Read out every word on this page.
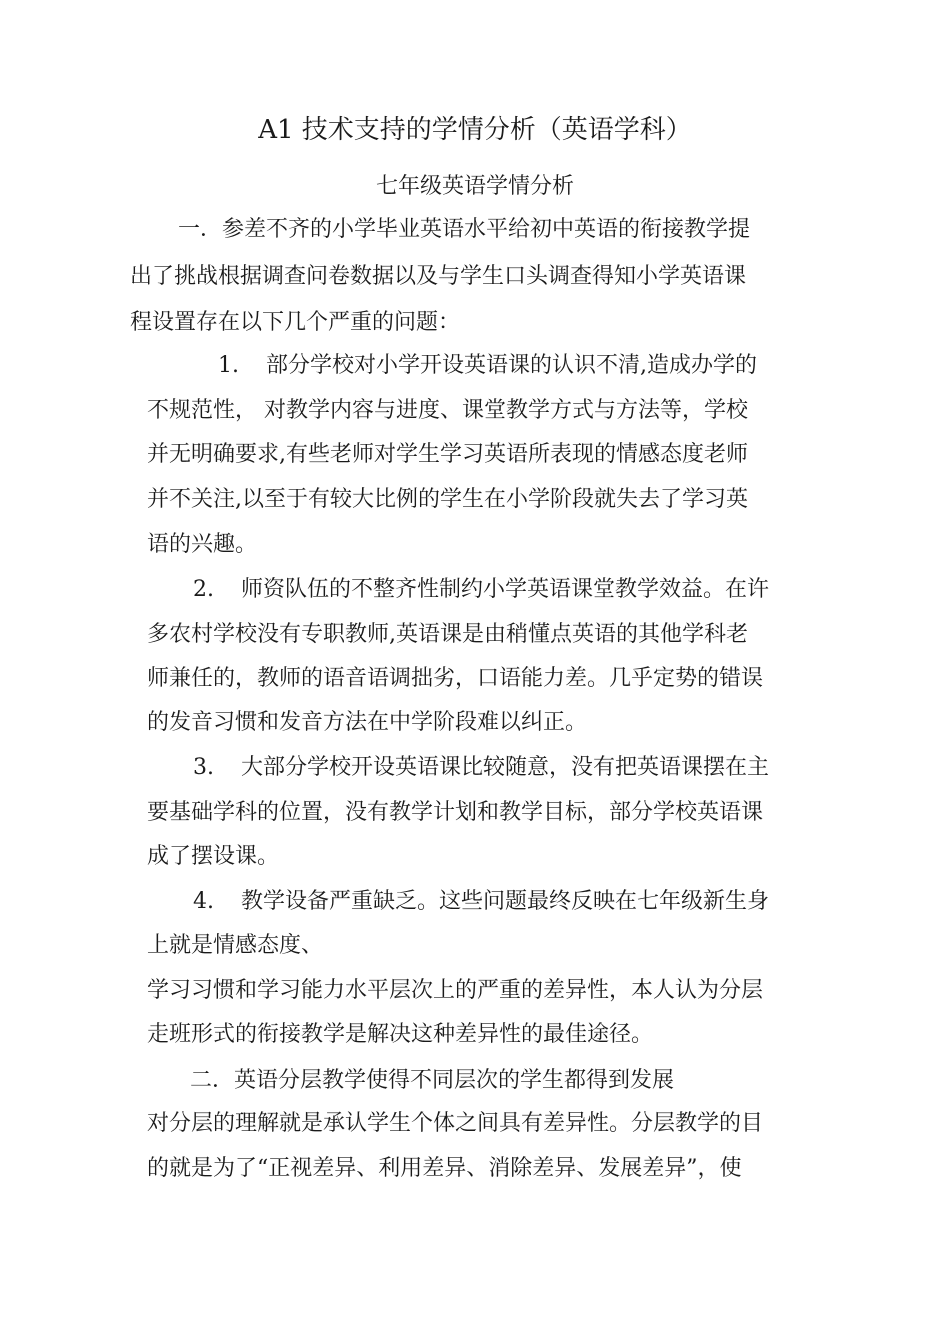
A1 技术支持的学情分析（英语学科）
七年级英语学情分析
一．参差不齐的小学毕业英语水平给初中英语的衔接教学提
出了挑战根据调查问卷数据以及与学生口头调查得知小学英语课
程设置存在以下几个严重的问题：
1. 部分学校对小学开设英语课的认识不清,造成办学的
不规范性， 对教学内容与进度、课堂教学方式与方法等，学校
并无明确要求,有些老师对学生学习英语所表现的情感态度老师
并不关注,以至于有较大比例的学生在小学阶段就失去了学习英
语的兴趣。
2. 师资队伍的不整齐性制约小学英语课堂教学效益。在许
多农村学校没有专职教师,英语课是由稍懂点英语的其他学科老
师兼任的，教师的语音语调拙劣，口语能力差。几乎定势的错误
的发音习惯和发音方法在中学阶段难以纠正。
3. 大部分学校开设英语课比较随意，没有把英语课摆在主
要基础学科的位置，没有教学计划和教学目标，部分学校英语课
成了摆设课。
4. 教学设备严重缺乏。这些问题最终反映在七年级新生身
上就是情感态度、
学习习惯和学习能力水平层次上的严重的差异性，本人认为分层
走班形式的衔接教学是解决这种差异性的最佳途径。
二．英语分层教学使得不同层次的学生都得到发展
对分层的理解就是承认学生个体之间具有差异性。分层教学的目
的就是为了“正视差异、利用差异、消除差异、发展差异”，使
